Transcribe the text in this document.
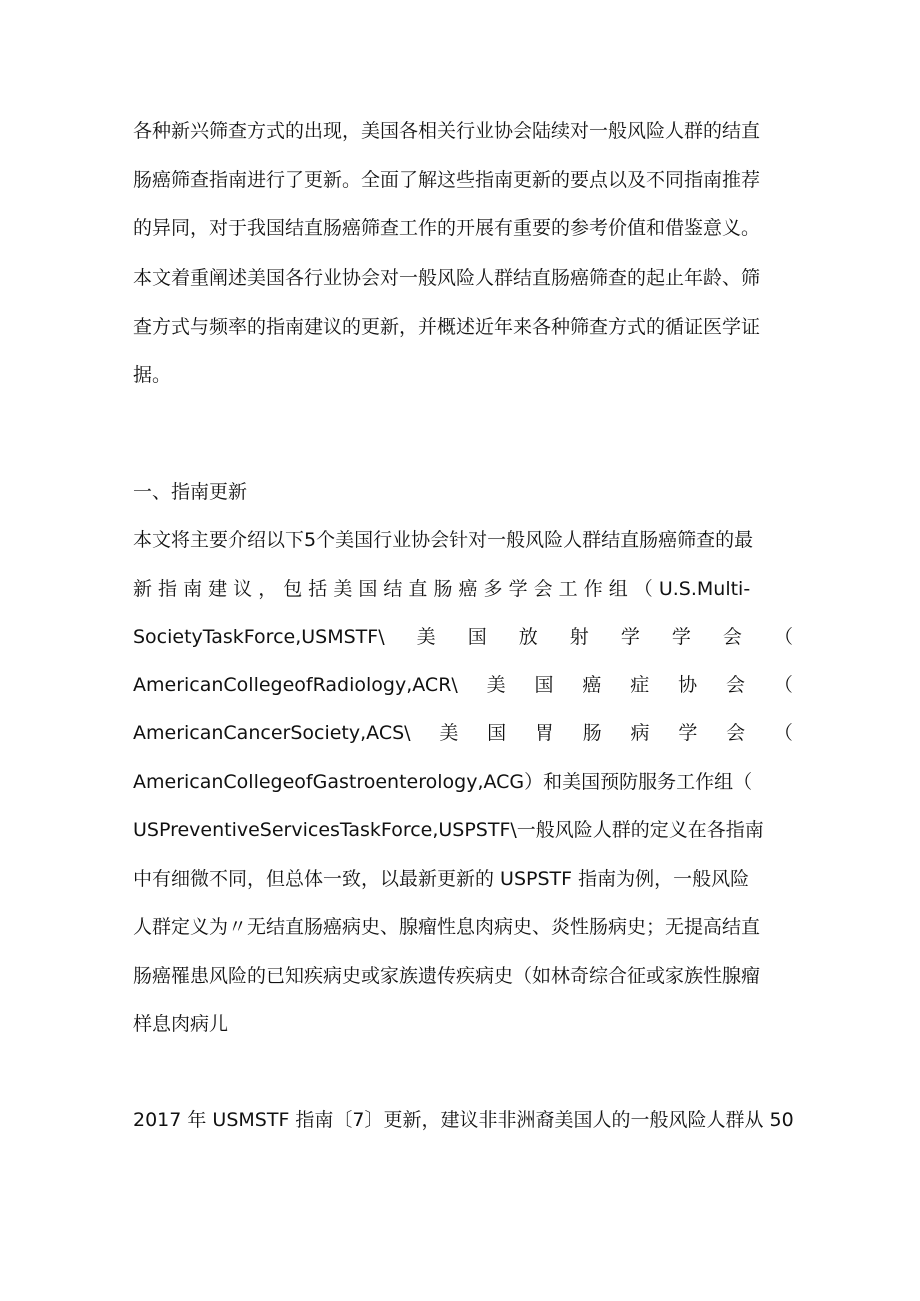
各种新兴筛查方式的出现，美国各相关行业协会陆续对一般风险人群的结直
肠癌筛查指南进行了更新。全面了解这些指南更新的要点以及不同指南推荐
的异同，对于我国结直肠癌筛查工作的开展有重要的参考价值和借鉴意义。
本文着重阐述美国各行业协会对一般风险人群结直肠癌筛查的起止年龄、筛
查方式与频率的指南建议的更新，并概述近年来各种筛查方式的循证医学证
据。
一、指南更新
本文将主要介绍以下5个美国行业协会针对一般风险人群结直肠癌筛查的最
新 指 南 建 议 ， 包 括 美 国 结 直 肠 癌 多 学 会 工 作 组 （ U.S.Multi-
SocietyTaskForce,USMSTF\ 美 国 放 射 学 学 会 （
AmericanCollegeofRadiology,ACR\ 美 国 癌 症 协 会 （
AmericanCancerSociety,ACS\ 美 国 胃 肠 病 学 会 （
AmericanCollegeofGastroenterology,ACG）和美国预防服务工作组（
USPreventiveServicesTaskForce,USPSTF\一般风险人群的定义在各指南
中有细微不同，但总体一致，以最新更新的 USPSTF 指南为例，一般风险
人群定义为〃无结直肠癌病史、腺瘤性息肉病史、炎性肠病史；无提高结直
肠癌罹患风险的已知疾病史或家族遗传疾病史（如林奇综合征或家族性腺瘤
样息肉病儿
2017 年 USMSTF 指南〔7〕更新，建议非非洲裔美国人的一般风险人群从 50
